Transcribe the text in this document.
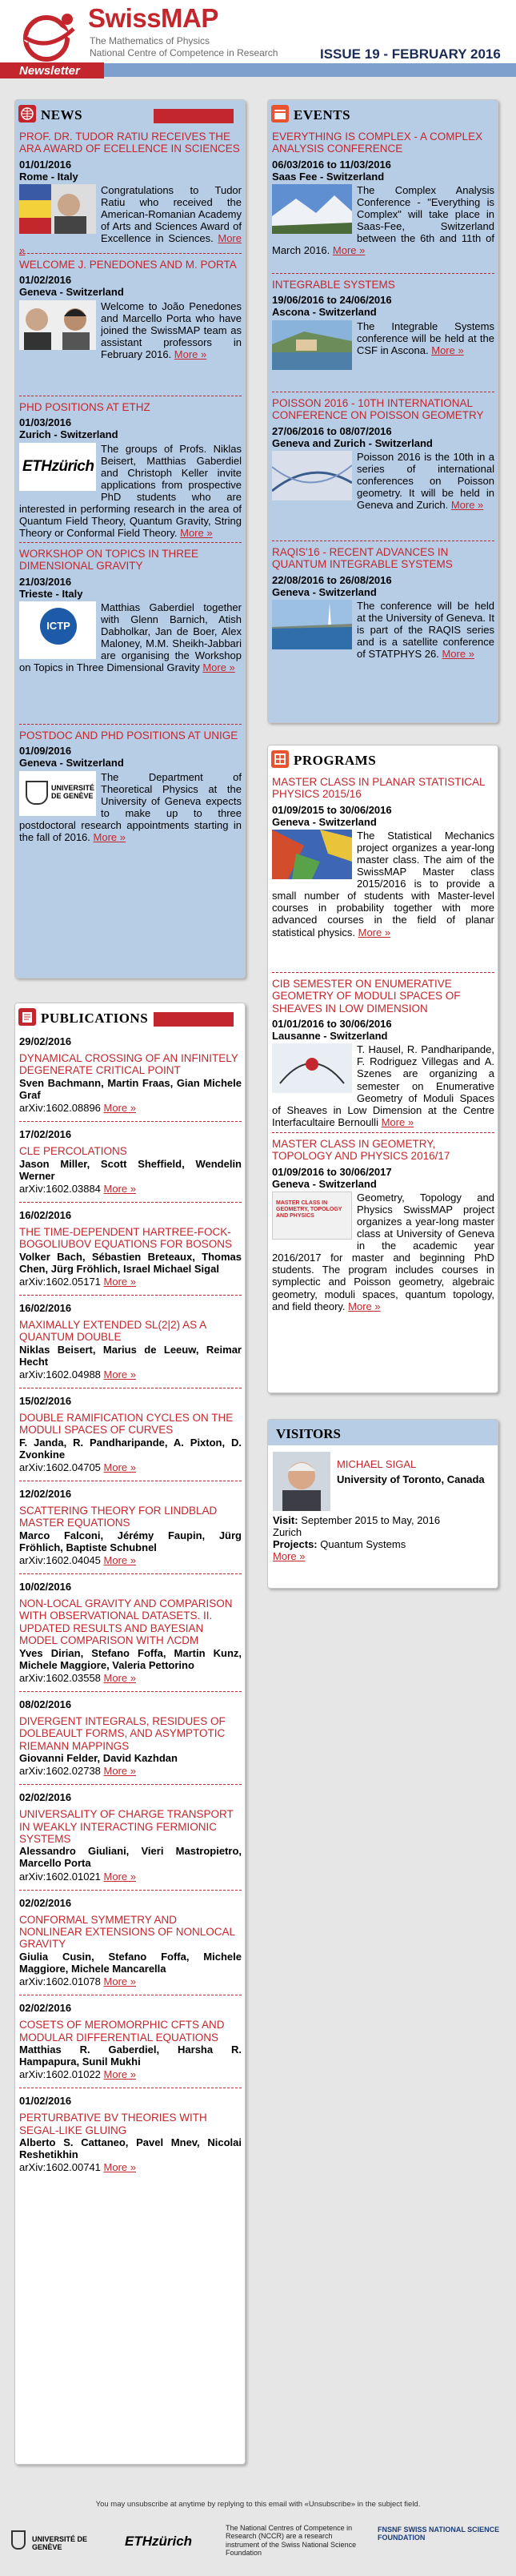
SwissMAP
The Mathematics of Physics
National Centre of Competence in Research	ISSUE 19 - FEBRUARY 2016
Newsletter
NEWS
PROF. DR. TUDOR RATIU RECEIVES THE ARA AWARD OF ECELLENCE IN SCIENCES
01/01/2016
Rome - Italy
Congratulations to Tudor Ratiu who received the American-Romanian Academy of Arts and Sciences Award of Excellence in Sciences. More »
WELCOME J. PENEDONES AND M. PORTA
01/02/2016
Geneva - Switzerland
Welcome to João Penedones and Marcello Porta who have joined the SwissMAP team as assistant professors in February 2016. More »
PHD POSITIONS AT ETHZ
01/03/2016
Zurich - Switzerland
ETHzürich
The groups of Profs. Niklas Beisert, Matthias Gaberdiel and Christoph Keller invite applications from prospective PhD students who are interested in performing research in the area of Quantum Field Theory, Quantum Gravity, String Theory or Conformal Field Theory. More »
WORKSHOP ON TOPICS IN THREE DIMENSIONAL GRAVITY
21/03/2016
Trieste - Italy
ICTP
Matthias Gaberdiel together with Glenn Barnich, Atish Dabholkar, Jan de Boer, Alex Maloney, M.M. Sheikh-Jabbari are organising the Workshop on Topics in Three Dimensional Gravity More »
POSTDOC AND PHD POSITIONS AT UNIGE
01/09/2016
Geneva - Switzerland
UNIVERSITÉ DE GENÈVE
The Department of Theoretical Physics at the University of Geneva expects to make up to three postdoctoral research appointments starting in the fall of 2016. More »
PUBLICATIONS
29/02/2016
DYNAMICAL CROSSING OF AN INFINITELY DEGENERATE CRITICAL POINT
Sven Bachmann, Martin Fraas, Gian Michele Graf
arXiv:1602.08896 More »
17/02/2016
CLE PERCOLATIONS
Jason Miller, Scott Sheffield, Wendelin Werner
arXiv:1602.03884 More »
16/02/2016
THE TIME-DEPENDENT HARTREE-FOCK-BOGOLIUBOV EQUATIONS FOR BOSONS
Volker Bach, Sébastien Breteaux, Thomas Chen, Jürg Fröhlich, Israel Michael Sigal
arXiv:1602.05171 More »
16/02/2016
MAXIMALLY EXTENDED SL(2|2) AS A QUANTUM DOUBLE
Niklas Beisert, Marius de Leeuw, Reimar Hecht
arXiv:1602.04988 More »
15/02/2016
DOUBLE RAMIFICATION CYCLES ON THE MODULI SPACES OF CURVES
F. Janda, R. Pandharipande, A. Pixton, D. Zvonkine
arXiv:1602.04705 More »
12/02/2016
SCATTERING THEORY FOR LINDBLAD MASTER EQUATIONS
Marco Falconi, Jérémy Faupin, Jürg Fröhlich, Baptiste Schubnel
arXiv:1602.04045 More »
10/02/2016
NON-LOCAL GRAVITY AND COMPARISON WITH OBSERVATIONAL DATASETS. II. UPDATED RESULTS AND BAYESIAN MODEL COMPARISON WITH ΛCDM
Yves Dirian, Stefano Foffa, Martin Kunz, Michele Maggiore, Valeria Pettorino
arXiv:1602.03558 More »
08/02/2016
DIVERGENT INTEGRALS, RESIDUES OF DOLBEAULT FORMS, AND ASYMPTOTIC RIEMANN MAPPINGS
Giovanni Felder, David Kazhdan
arXiv:1602.02738 More »
02/02/2016
UNIVERSALITY OF CHARGE TRANSPORT IN WEAKLY INTERACTING FERMIONIC SYSTEMS
Alessandro Giuliani, Vieri Mastropietro, Marcello Porta
arXiv:1602.01021 More »
02/02/2016
CONFORMAL SYMMETRY AND NONLINEAR EXTENSIONS OF NONLOCAL GRAVITY
Giulia Cusin, Stefano Foffa, Michele Maggiore, Michele Mancarella
arXiv:1602.01078 More »
02/02/2016
COSETS OF MEROMORPHIC CFTS AND MODULAR DIFFERENTIAL EQUATIONS
Matthias R. Gaberdiel, Harsha R. Hampapura, Sunil Mukhi
arXiv:1602.01022 More »
01/02/2016
PERTURBATIVE BV THEORIES WITH SEGAL-LIKE GLUING
Alberto S. Cattaneo, Pavel Mnev, Nicolai Reshetikhin
arXiv:1602.00741 More »
EVENTS
EVERYTHING IS COMPLEX - A COMPLEX ANALYSIS CONFERENCE
06/03/2016 to 11/03/2016
Saas Fee - Switzerland
The Complex Analysis Conference - "Everything is Complex" will take place in Saas-Fee, Switzerland between the 6th and 11th of March 2016. More »
INTEGRABLE SYSTEMS
19/06/2016 to 24/06/2016
Ascona - Switzerland
The Integrable Systems conference will be held at the CSF in Ascona. More »
POISSON 2016 - 10TH INTERNATIONAL CONFERENCE ON POISSON GEOMETRY
27/06/2016 to 08/07/2016
Geneva and Zurich - Switzerland
Poisson 2016 is the 10th in a series of international conferences on Poisson geometry. It will be held in Geneva and Zurich. More »
RAQIS'16 - RECENT ADVANCES IN QUANTUM INTEGRABLE SYSTEMS
22/08/2016 to 26/08/2016
Geneva - Switzerland
The conference will be held at the University of Geneva. It is part of the RAQIS series and is a satellite conference of STATPHYS 26. More »
PROGRAMS
MASTER CLASS IN PLANAR STATISTICAL PHYSICS 2015/16
01/09/2015 to 30/06/2016
Geneva - Switzerland
The Statistical Mechanics project organizes a year-long master class. The aim of the SwissMAP Master class 2015/2016 is to provide a small number of students with Master-level courses in probability together with more advanced courses in the field of planar statistical physics. More »
CIB SEMESTER ON ENUMERATIVE GEOMETRY OF MODULI SPACES OF SHEAVES IN LOW DIMENSION
01/01/2016 to 30/06/2016
Lausanne - Switzerland
T. Hausel, R. Pandharipande, F. Rodriguez Villegas and A. Szenes are organizing a semester on Enumerative Geometry of Moduli Spaces of Sheaves in Low Dimension at the Centre Interfacultaire Bernoulli More »
MASTER CLASS IN GEOMETRY, TOPOLOGY AND PHYSICS 2016/17
01/09/2016 to 30/06/2017
Geneva - Switzerland
MASTER CLASS IN GEOMETRY, TOPOLOGY AND PHYSICS
Geometry, Topology and Physics SwissMAP project organizes a year-long master class at University of Geneva in the academic year 2016/2017 for master and beginning PhD students. The program includes courses in symplectic and Poisson geometry, algebraic geometry, moduli spaces, quantum topology, and field theory. More »
VISITORS
MICHAEL SIGAL
University of Toronto, Canada
Visit: September 2015 to May, 2016
Zurich
Projects: Quantum Systems
More »
You may unsubscribe at anytime by replying to this email with «Unsubscribe» in the subject field.
UNIVERSITÉ DE GENÈVE	ETHzürich
The National Centres of Competence in Research (NCCR) are a research instrument of the Swiss National Science Foundation
FNSNF SWISS NATIONAL SCIENCE FOUNDATION
